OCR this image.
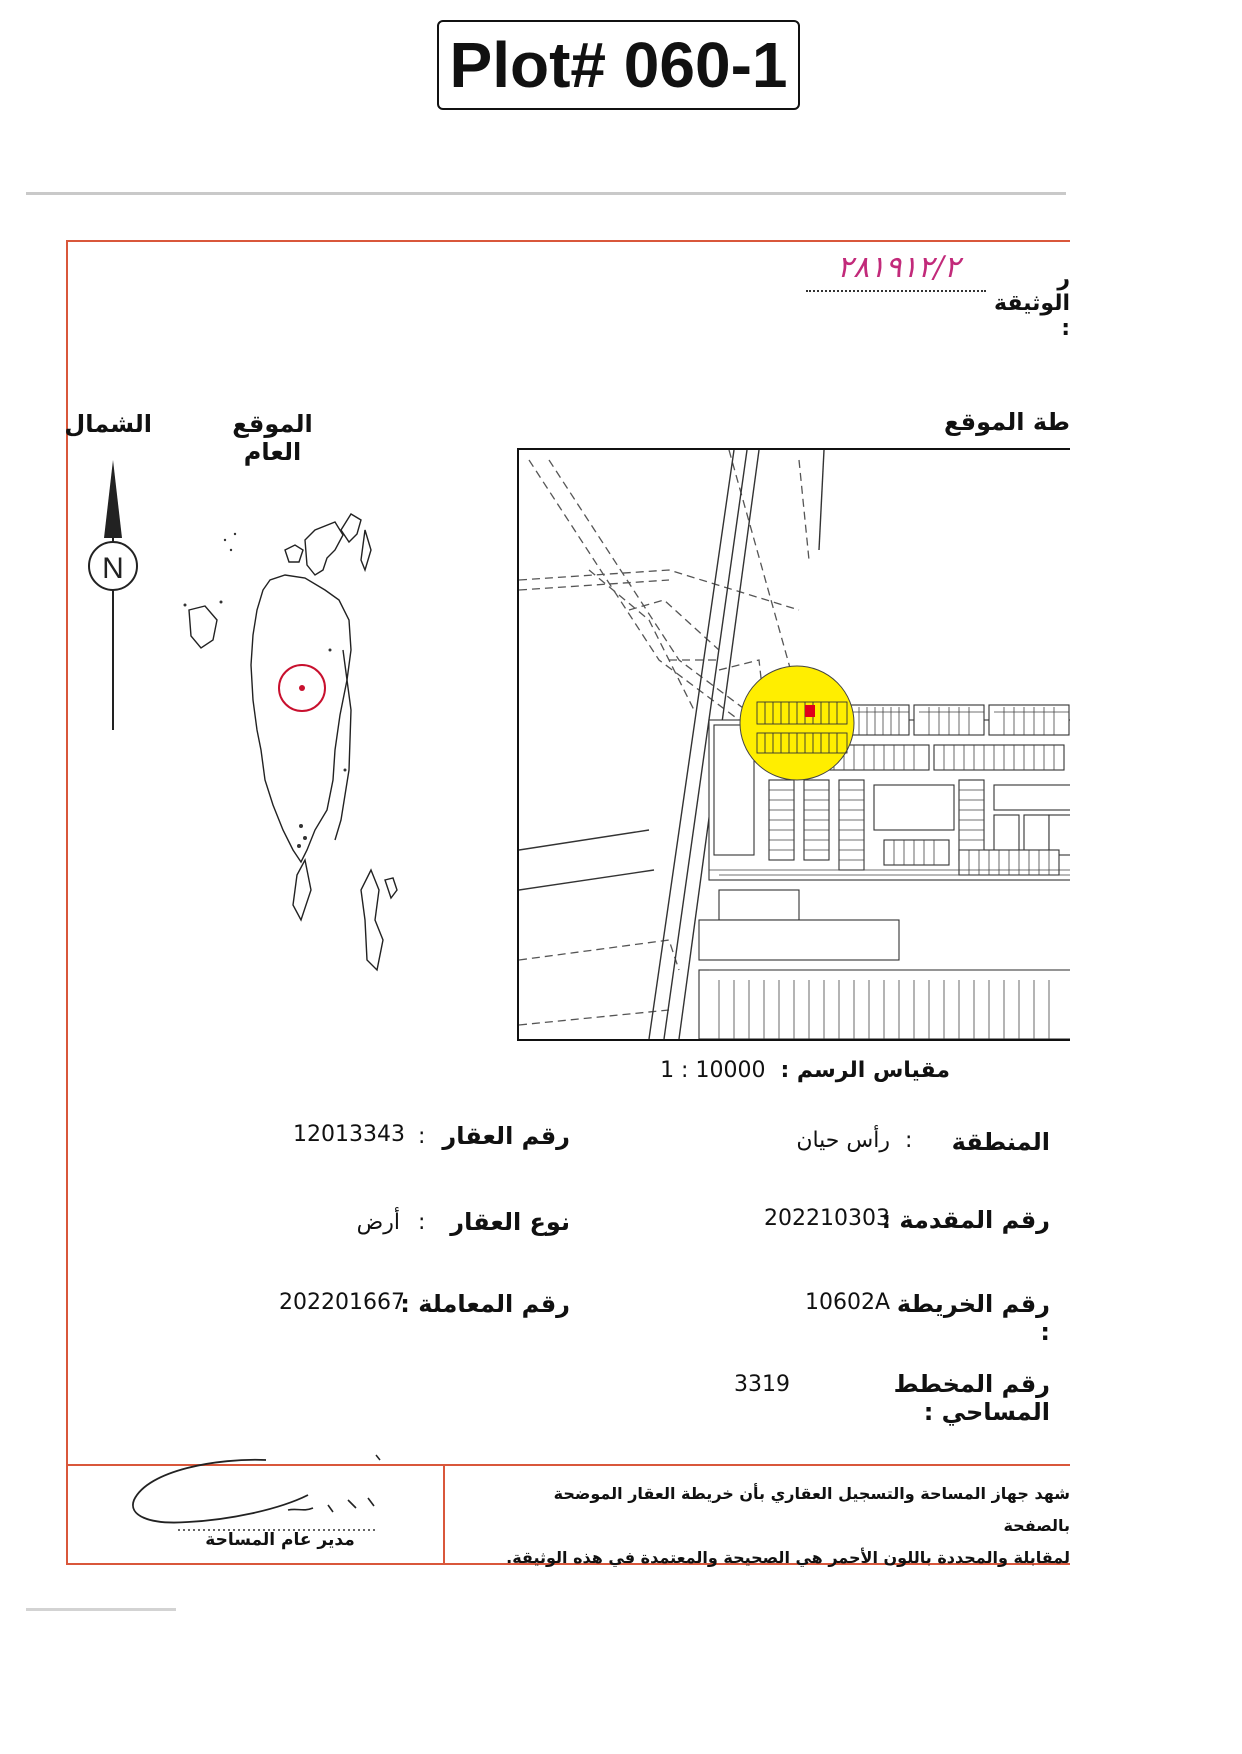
Plot# 060-1
٢٨١٩١٢/٢	ر الوثيقة :
طة الموقع
الموقع العام
الشمال
N
مقياس الرسم : 1 : 10000
المنطقة
:
رأس حيان
رقم العقار
:
12013343
رقم المقدمة :
202210303
نوع العقار
:
أرض
رقم الخريطة :
10602A
رقم المعاملة :
202201667
رقم المخطط المساحي :
3319
شهد جهاز المساحة والتسجيل العقاري بأن خريطة العقار الموضحة بالصفحة
لمقابلة والمحددة باللون الأحمر هي الصحيحة والمعتمدة في هذه الوثيقة.
مدير عام المساحة
